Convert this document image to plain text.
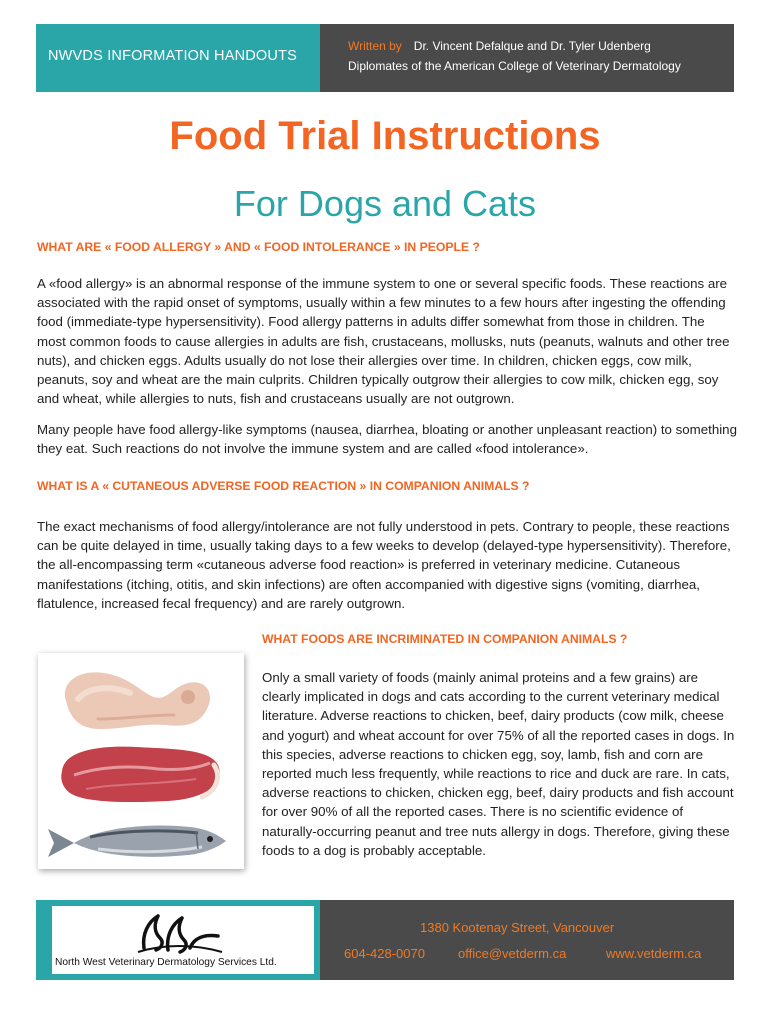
NWVDS INFORMATION HANDOUTS
Written by Dr. Vincent Defalque and Dr. Tyler Udenberg
Diplomates of the American College of Veterinary Dermatology
Food Trial Instructions
For Dogs and Cats
WHAT ARE « FOOD ALLERGY » AND « FOOD INTOLERANCE » IN PEOPLE ?
A «food allergy» is an abnormal response of the immune system to one or several specific foods. These reactions are associated with the rapid onset of symptoms, usually within a few minutes to a few hours after ingesting the offending food (immediate-type hypersensitivity). Food allergy patterns in adults differ somewhat from those in children. The most common foods to cause allergies in adults are fish, crustaceans, mollusks, nuts (peanuts, walnuts and other tree nuts), and chicken eggs. Adults usually do not lose their allergies over time. In children, chicken eggs, cow milk, peanuts, soy and wheat are the main culprits. Children typically outgrow their allergies to cow milk, chicken egg, soy and wheat, while allergies to nuts, fish and crustaceans usually are not outgrown.
Many people have food allergy-like symptoms (nausea, diarrhea, bloating or another unpleasant reaction) to something they eat. Such reactions do not involve the immune system and are called «food intolerance».
WHAT IS A « CUTANEOUS ADVERSE FOOD REACTION » IN COMPANION ANIMALS ?
The exact mechanisms of food allergy/intolerance are not fully understood in pets. Contrary to people, these reactions can be quite delayed in time, usually taking days to a few weeks to develop (delayed-type hypersensitivity). Therefore, the all-encompassing term «cutaneous adverse food reaction» is preferred in veterinary medicine. Cutaneous manifestations (itching, otitis, and skin infections) are often accompanied with digestive signs (vomiting, diarrhea, flatulence, increased fecal frequency) and are rarely outgrown.
WHAT FOODS ARE INCRIMINATED IN COMPANION ANIMALS ?
Only a small variety of foods (mainly animal proteins and a few grains) are clearly implicated in dogs and cats according to the current veterinary medical literature. Adverse reactions to chicken, beef, dairy products (cow milk, cheese and yogurt) and wheat account for over 75% of all the reported cases in dogs. In this species, adverse reactions to chicken egg, soy, lamb, fish and corn are reported much less frequently, while reactions to rice and duck are rare. In cats, adverse reactions to chicken, chicken egg, beef, dairy products and fish account for over 90% of all the reported cases. There is no scientific evidence of naturally-occurring peanut and tree nuts allergy in dogs. Therefore, giving these foods to a dog is probably acceptable.
North West Veterinary Dermatology Services Ltd.
1380 Kootenay Street, Vancouver
604-428-0070	office@vetderm.ca	www.vetderm.ca
